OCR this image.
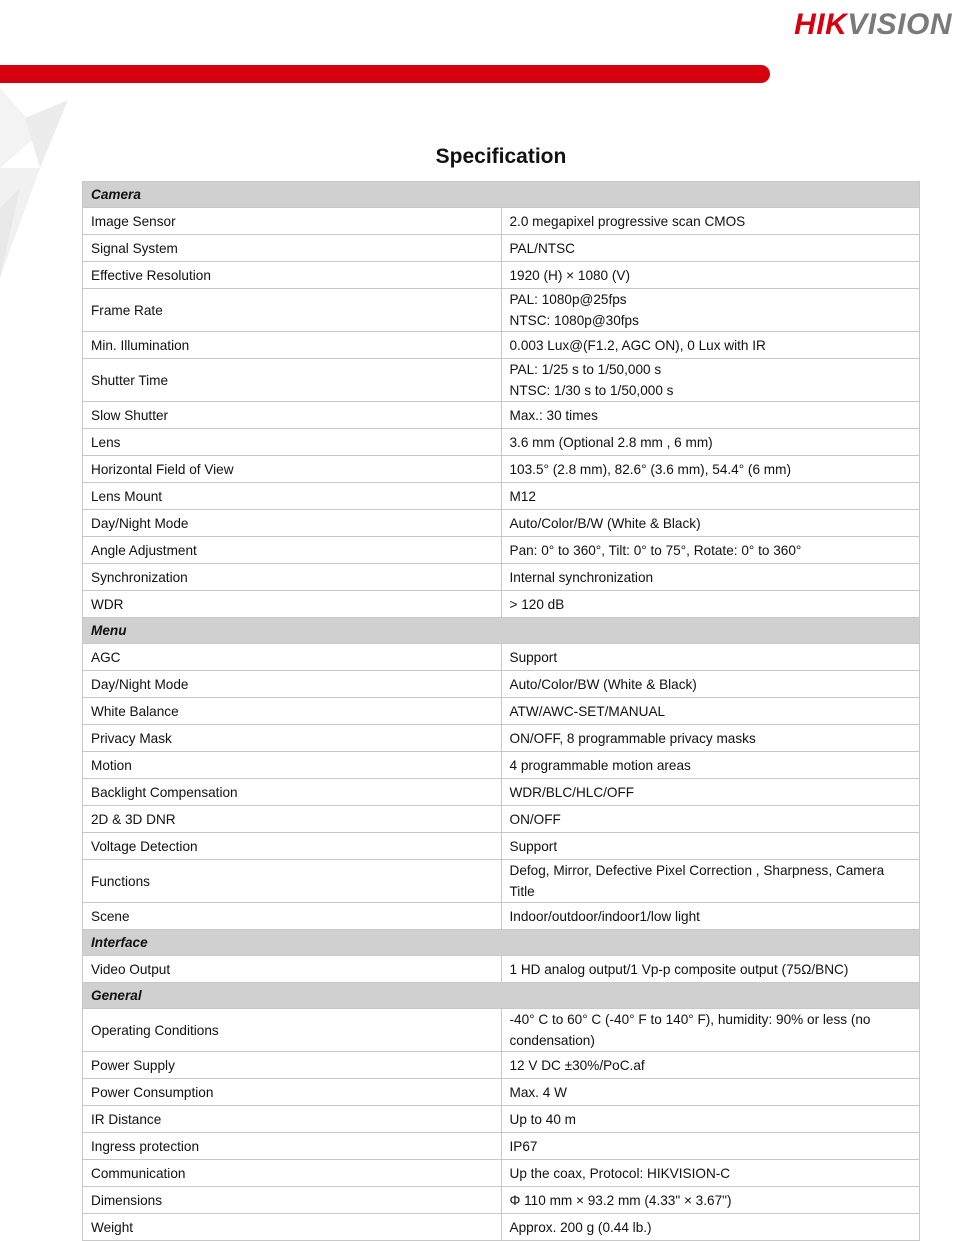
HIKVISION
Specification
Camera	
Image Sensor	2.0 megapixel progressive scan CMOS

Signal System	PAL/NTSC

Effective Resolution	1920 (H) × 1080 (V)

Frame Rate	PAL: 1080p@25fps
NTSC: 1080p@30fps

Min. Illumination	0.003 Lux@(F1.2, AGC ON), 0 Lux with IR

Shutter Time	PAL: 1/25 s to 1/50,000 s
NTSC: 1/30 s to 1/50,000 s

Slow Shutter	Max.: 30 times

Lens	3.6 mm (Optional 2.8 mm , 6 mm)

Horizontal Field of View	103.5° (2.8 mm), 82.6° (3.6 mm), 54.4° (6 mm)

Lens Mount	M12

Day/Night Mode	Auto/Color/B/W (White & Black)

Angle Adjustment	Pan: 0° to 360°, Tilt: 0° to 75°, Rotate: 0° to 360°

Synchronization	Internal synchronization

WDR	> 120 dB

Menu	
AGC	Support

Day/Night Mode	Auto/Color/BW (White & Black)

White Balance	ATW/AWC-SET/MANUAL

Privacy Mask	ON/OFF, 8 programmable privacy masks

Motion	4 programmable motion areas

Backlight Compensation	WDR/BLC/HLC/OFF

2D & 3D DNR	ON/OFF

Voltage Detection	Support

Functions	Defog, Mirror, Defective Pixel Correction , Sharpness, Camera Title

Scene	Indoor/outdoor/indoor1/low light

Interface	
Video Output	1 HD analog output/1 Vp-p composite output (75Ω/BNC)

General	
Operating Conditions	-40° C to 60° C (-40° F to 140° F), humidity: 90% or less (no condensation)

Power Supply	12 V DC ±30%/PoC.af

Power Consumption	Max. 4 W

IR Distance	Up to 40 m

Ingress protection	IP67

Communication	Up the coax, Protocol: HIKVISION-C

Dimensions	Φ 110 mm × 93.2 mm (4.33" × 3.67")

Weight	Approx. 200 g (0.44 lb.)
